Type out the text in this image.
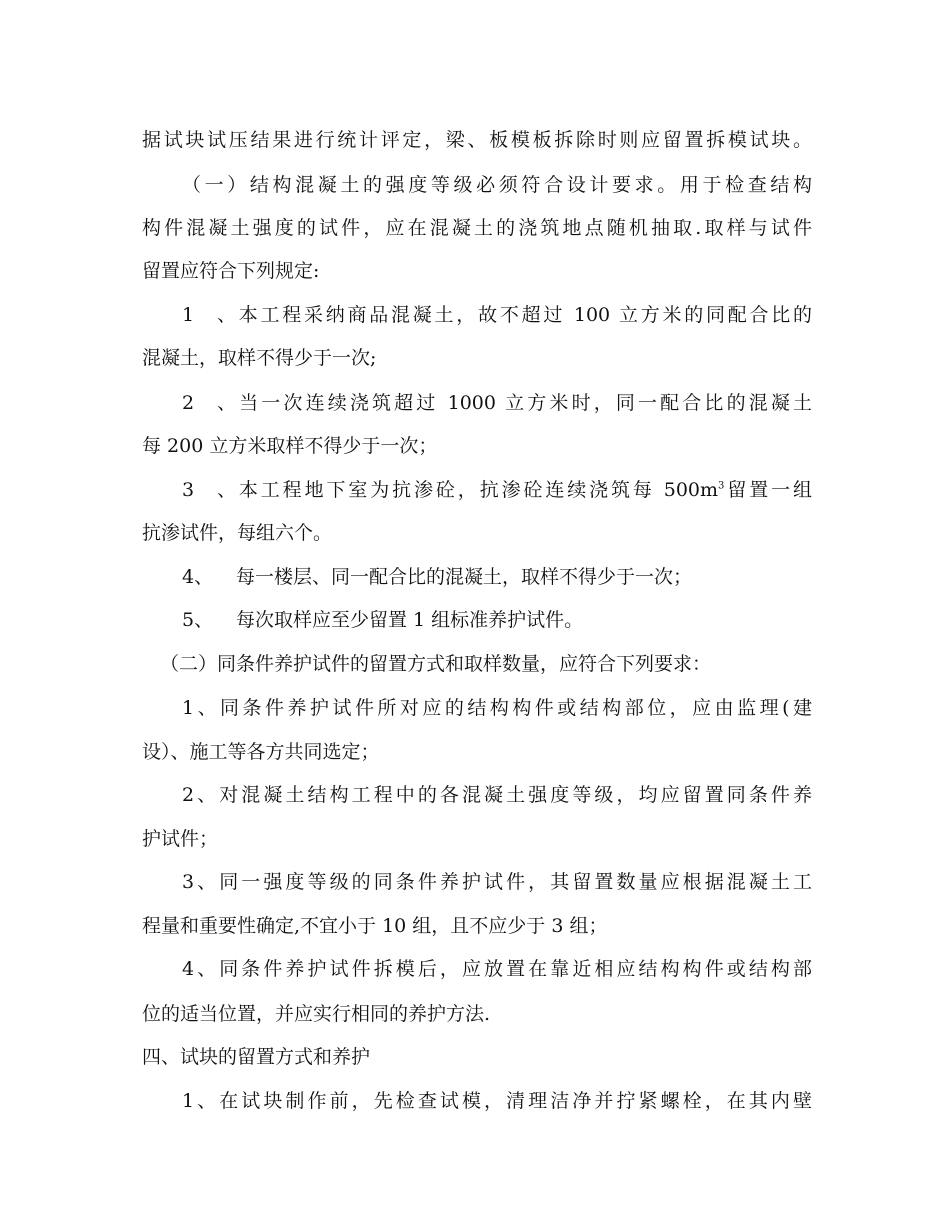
据试块试压结果进行统计评定，梁、板模板拆除时则应留置拆模试块。
（一）结构混凝土的强度等级必须符合设计要求。用于检查结构
构件混凝土强度的试件，应在混凝土的浇筑地点随机抽取.取样与试件
留置应符合下列规定:
1、本工程采纳商品混凝土，故不超过 100 立方米的同配合比的
混凝土，取样不得少于一次;
2、当一次连续浇筑超过 1000 立方米时，同一配合比的混凝土
每 200 立方米取样不得少于一次；
3、本工程地下室为抗渗砼，抗渗砼连续浇筑每 $500m^3$留置一组
抗渗试件，每组六个。
4、 每一楼层、同一配合比的混凝土，取样不得少于一次；
5、 每次取样应至少留置 1 组标准养护试件。
（二）同条件养护试件的留置方式和取样数量，应符合下列要求：
1、同条件养护试件所对应的结构构件或结构部位，应由监理(建
设）、施工等各方共同选定；
2、对混凝土结构工程中的各混凝土强度等级，均应留置同条件养
护试件；
3、同一强度等级的同条件养护试件，其留置数量应根据混凝土工
程量和重要性确定,不宜小于 10 组，且不应少于 3 组；
4、同条件养护试件拆模后，应放置在靠近相应结构构件或结构部
位的适当位置，并应实行相同的养护方法.
四、试块的留置方式和养护
1、在试块制作前，先检查试模，清理洁净并拧紧螺栓，在其内壁
